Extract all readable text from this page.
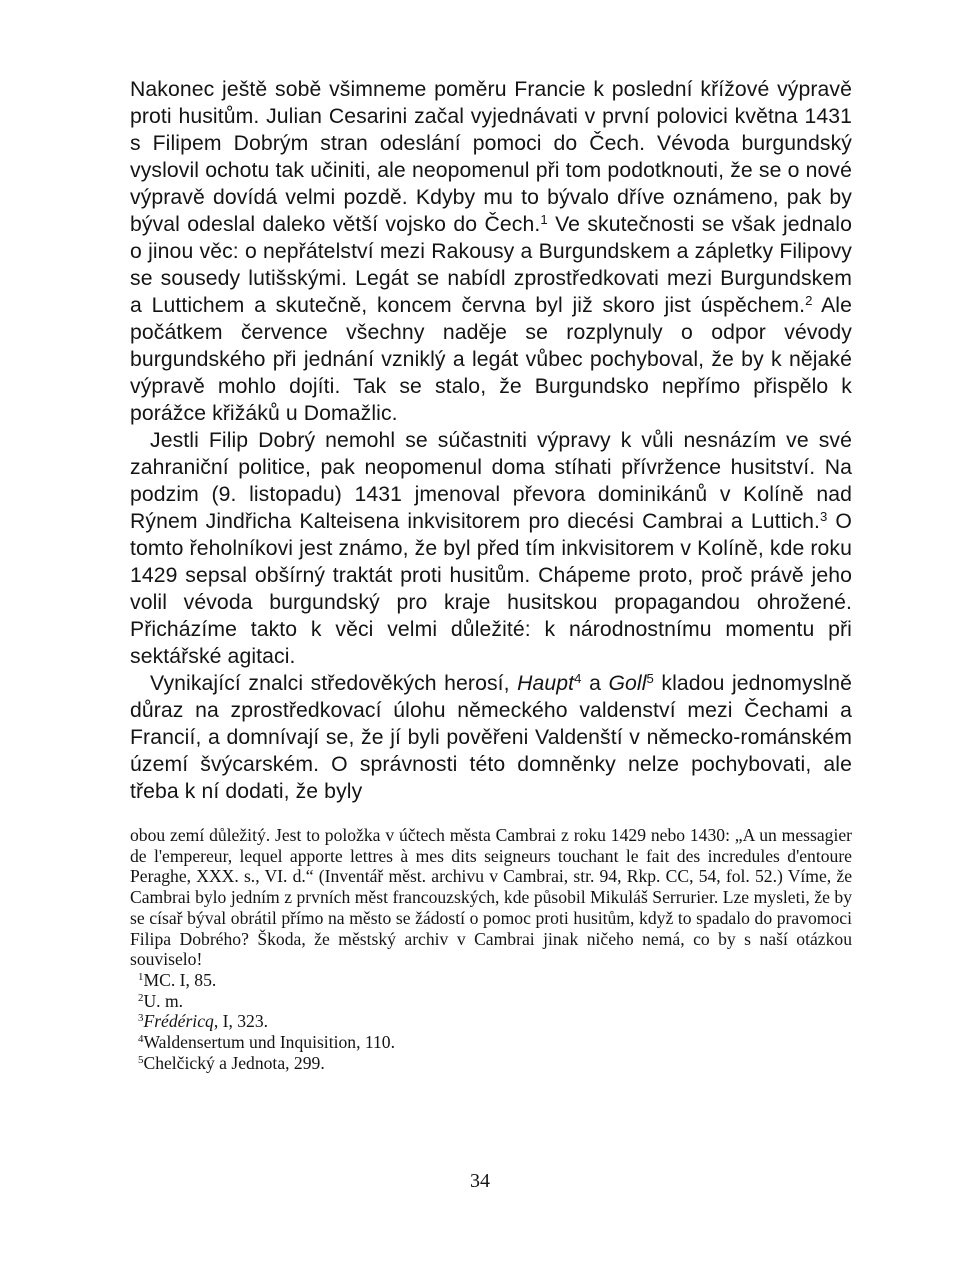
Nakonec ještě sobě všimneme poměru Francie k poslední křížové výpravě proti husitům. Julian Cesarini začal vyjednávati v první polovici května 1431 s Filipem Dobrým stran odeslání pomoci do Čech. Vévoda burgundský vyslovil ochotu tak učiniti, ale neopomenul při tom podotknouti, že se o nové výpravě dovídá velmi pozdě. Kdyby mu to bývalo dříve oznámeno, pak by býval odeslal daleko větší vojsko do Čech.$^1$ Ve skutečnosti se však jednalo o jinou věc: o nepřátelství mezi Rakousy a Burgundskem a zápletky Filipovy se sousedy lutišskými. Legát se nabídl zprostředkovati mezi Burgundskem a Luttichem a skutečně, koncem června byl již skoro jist úspěchem.$^2$ Ale počátkem července všechny naděje se rozplynuly o odpor vévody burgundského při jednání vzniklý a legát vůbec pochyboval, že by k nějaké výpravě mohlo dojíti. Tak se stalo, že Burgundsko nepřímo přispělo k porážce křižáků u Domažlic.

Jestli Filip Dobrý nemohl se súčastniti výpravy k vůli nesnázím ve své zahraniční politice, pak neopomenul doma stíhati přívržence husitství. Na podzim (9. listopadu) 1431 jmenoval převora dominikánů v Kolíně nad Rýnem Jindřicha Kalteisena inkvisitorem pro diecési Cambrai a Luttich.$^3$ O tomto řeholníkovi jest známo, že byl před tím inkvisitorem v Kolíně, kde roku 1429 sepsal obšírný traktát proti husitům. Chápeme proto, proč právě jeho volil vévoda burgundský pro kraje husitskou propagandou ohrožené. Přicházíme takto k věci velmi důležité: k národnostnímu momentu při sektářské agitaci.

Vynikající znalci středověkých herosí, Haupt$^4$ a Goll$^5$ kladou jednomyslně důraz na zprostředkovací úlohu německého valdenství mezi Čechami a Francií, a domnívají se, že jí byli pověřeni Valdenští v německo-románském území švýcarském. O správnosti této domněnky nelze pochybovati, ale třeba k ní dodati, že byly

obou zemí důležitý. Jest to položka v účtech města Cambrai z roku 1429 nebo 1430: „A un messagier de l'empereur, lequel apporte lettres à mes dits seigneurs touchant le fait des incredules d'entoure Peraghe, XXX. s., VI. d.“ (Inventář měst. archivu v Cambrai, str. 94, Rkp. CC, 54, fol. 52.) Víme, že Cambrai bylo jedním z prvních měst francouzských, kde působil Mikuláš Serrurier. Lze mysleti, že by se císař býval obrátil přímo na město se žádostí o pomoc proti husitům, když to spadalo do pravomoci Filipa Dobrého? Škoda, že městský archiv v Cambrai jinak ničeho nemá, co by s naší otázkou souviselo!

$^1$MC. I, 85.

$^2$U. m.

$^3$Frédéricq, I, 323.

$^4$Waldensertum und Inquisition, 110.

$^5$Chelčický a Jednota, 299.

34
